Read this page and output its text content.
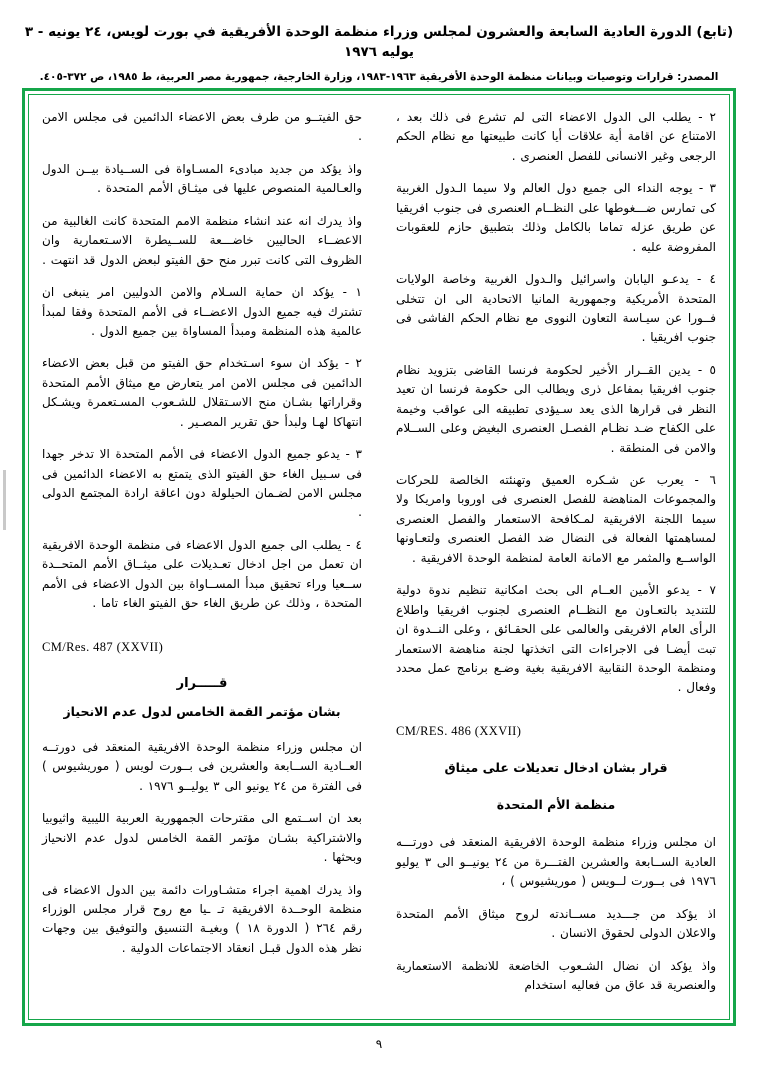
(تابع) الدورة العادية السابعة والعشرون لمجلس وزراء منظمة الوحدة الأفريقية في بورت لويس، ٢٤ يونيه - ٣ يوليه ١٩٧٦
المصدر: قرارات وتوصيات وبيانات منظمة الوحدة الأفريقية ١٩٦٣-١٩٨٣، وزارة الخارجية، جمهورية مصر العربية، ط ١٩٨٥، ص ٣٧٢-٤٠٥.
٢ - يطلب الى الدول الاعضاء التى لم تشرع فى ذلك بعد ، الامتناع عن اقامة أية علاقات أيا كانت طبيعتها مع نظام الحكم الرجعى وغير الانسانى للفصل العنصرى .
٣ - يوجه النداء الى جميع دول العالم ولا سيما الـدول الغربية كى تمارس ضـــغوطها على النظــام العنصرى فى جنوب افريقيا عن طريق عزله تماما بالكامل وذلك بتطبيق حازم للعقوبات المفروضة عليه .
٤ - يدعـو اليابان واسرائيل والـدول الغربية وخاصة الولايات المتحدة الأمريكية وجمهورية المانيا الاتحادية الى ان تتخلى فــورا عن سيـاسة التعاون النووى مع نظام الحكم الفاشى فى جنوب افريقيا .
٥ - يدين القــرار الأخير لحكومة فرنسا القاضى بتزويد نظام جنوب افريقيا بمفاعل ذرى ويطالب الى حكومة فرنسا ان تعيد النظر فى قرارها الذى يعد سـيؤدى تطبيقه الى عواقب وخيمة على الكفاح ضـد نظـام الفصـل العنصرى البغيض وعلى الســلام والامن فى المنطقة .
٦ - يعرب عن شـكره العميق وتهنئته الخالصة للحركات والمجموعات المناهضة للفصل العنصرى فى اوروبا وامريكا ولا سيما اللجنة الافريقية لمـكافحة الاستعمار والفصل العنصرى لمساهمتها الفعالة فى النضال ضد الفصل العنصرى ولتعـاونها الواســع والمثمر مع الامانة العامة لمنظمة الوحدة الافريقية .
٧ - يدعو الأمين العــام الى بحث امكانية تنظيم ندوة دولية للتنديد بالتعـاون مع النظــام العنصرى لجنوب افريقيا واطلاع الرأى العام الافريقى والعالمى على الحقـائق ، وعلى النــدوة ان تبت أيضـا فى الاجراءات التى اتخذتها لجنة مناهضة الاستعمار ومنظمة الوحدة النقابية الافريقية بغية وضـع برنامج عمل محدد وفعال .
CM/RES. 486 (XXVII)
قرار بشان ادخال تعديلات على ميثاق
منظمة الأم المتحدة
ان مجلس وزراء منظمة الوحدة الافريقية المنعقد فى دورتـــه العادية الســابعة والعشرين الفتـــرة من ٢٤ يونيــو الى ٣ يوليو ١٩٧٦ فى بــورت لــويس ( موريشيوس ) ،
اذ يؤكد من جـــديد مســاندته لروح ميثاق الأمم المتحدة والاعلان الدولى لحقوق الانسان .
واذ يؤكد ان نضال الشـعوب الخاضعة للانظمة الاستعمارية والعنصرية قد عاق من فعاليه استخدام
حق الفيتــو من طرف بعض الاعضاء الدائمين فى مجلس الامن .
واذ يؤكد من جديد مبادىء المسـاواة فى الســيادة بيــن الدول والعـالمية المنصوص عليها فى ميثـاق الأمم المتحدة .
واذ يدرك انه عند انشاء منظمة الامم المتحدة كانت الغالبية من الاعضــاء الحاليين خاضـــعة للســيطرة الاسـتعمارية وان الظروف التى كانت تبرر منح حق الفيتو لبعض الدول قد انتهت .
١ - يؤكد ان حماية السـلام والامن الدوليين امر ينبغى ان تشترك فيه جميع الدول الاعضــاء فى الأمم المتحدة وفقا لمبدأ عالمية هذه المنظمة ومبدأ المساواة بين جميع الدول .
٢ - يؤكد ان سوء اسـتخدام حق الفيتو من قبل بعض الاعضاء الدائمين فى مجلس الامن امر يتعارض مع ميثاق الأمم المتحدة وقراراتها بشـان منح الاسـتقلال للشـعوب المسـتعمرة ويشـكل انتهاكا لهـا ولبدأ حق تقرير المصـير .
٣ - يدعو جميع الدول الاعضاء فى الأمم المتحدة الا تدخر جهدا فى سـبيل الغاء حق الفيتو الذى يتمتع به الاعضاء الدائمين فى مجلس الامن لضـمان الحيلولة دون اعاقة ارادة المجتمع الدولى .
٤ - يطلب الى جميع الدول الاعضاء فى منظمة الوحدة الافريقية ان تعمل من اجل ادخال تعـديلات على ميثــاق الأمم المتحــدة ســعيا وراء تحقيق مبدأ المســاواة بين الدول الاعضاء فى الأمم المتحدة ، وذلك عن طريق الغاء حق الفيتو الغاء تاما .
CM/Res. 487 (XXVII)
قـــــرار
بشان مؤتمر القمة الخامس لدول عدم الانحياز
ان مجلس وزراء منظمة الوحدة الافريقية المنعقد فى دورتــه العــادية الســابعة والعشرين فى بــورت لويس ( موريشيوس ) فى الفترة من ٢٤ يونيو الى ٣ يوليــو ١٩٧٦ .
بعد ان اســتمع الى مقترحات الجمهورية العربية الليبية واثيوبيا والاشتراكية بشـان مؤتمر القمة الخامس لدول عدم الانحياز وبحثها .
واذ يدرك اهمية اجراء متشـاورات دائمة بين الدول الاعضاء فى منظمة الوحــدة الافريقية تـ ـيا مع روح قرار مجلس الوزراء رقم ٢٦٤ ( الدورة ١٨ ) وبغيـة التنسيق والتوفيق بين وجهات نظر هذه الدول قبـل انعقاد الاجتماعات الدولية .
٩
